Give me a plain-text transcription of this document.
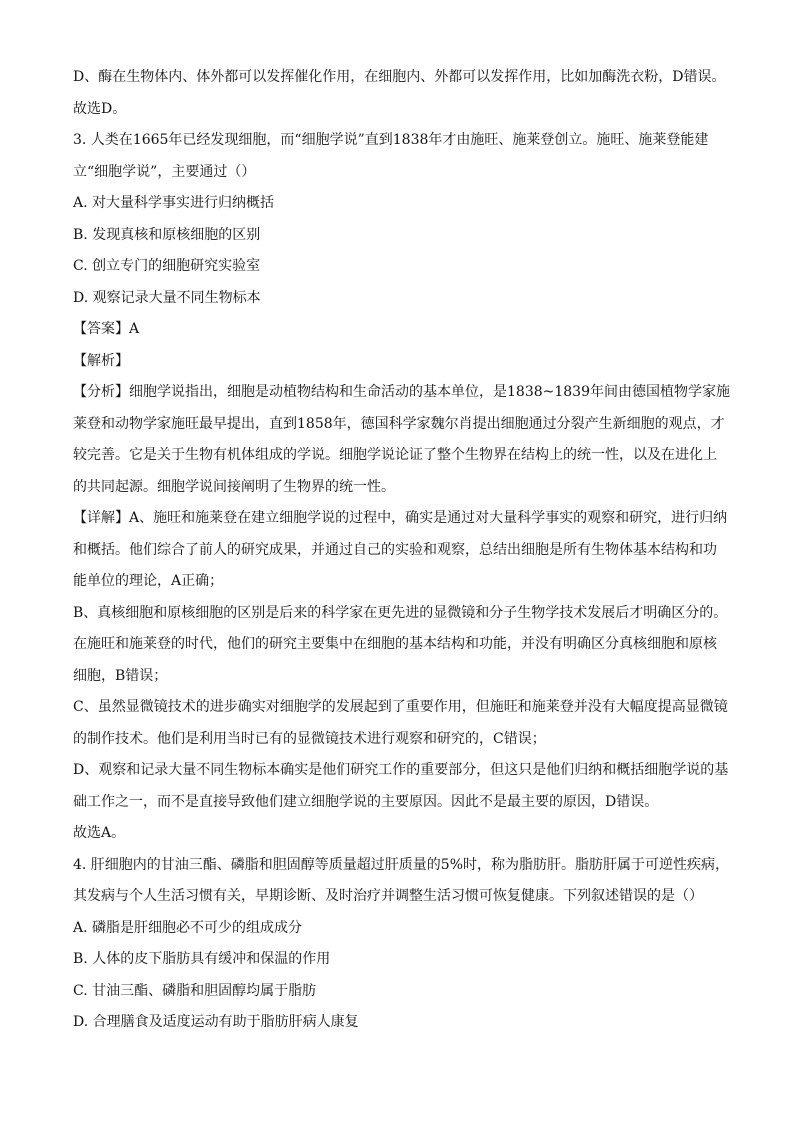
D、酶在生物体内、体外都可以发挥催化作用，在细胞内、外都可以发挥作用，比如加酶洗衣粉，D错误。
故选D。
3. 人类在1665年已经发现细胞，而“细胞学说”直到1838年才由施旺、施莱登创立。施旺、施莱登能建
立“细胞学说”，主要通过（）
A. 对大量科学事实进行归纳概括
B. 发现真核和原核细胞的区别
C. 创立专门的细胞研究实验室
D. 观察记录大量不同生物标本
【答案】A
【解析】
【分析】细胞学说指出，细胞是动植物结构和生命活动的基本单位，是1838~1839年间由德国植物学家施
莱登和动物学家施旺最早提出，直到1858年，德国科学家魏尔肖提出细胞通过分裂产生新细胞的观点，才
较完善。它是关于生物有机体组成的学说。细胞学说论证了整个生物界在结构上的统一性，以及在进化上
的共同起源。细胞学说间接阐明了生物界的统一性。
【详解】A、施旺和施莱登在建立细胞学说的过程中，确实是通过对大量科学事实的观察和研究，进行归纳
和概括。他们综合了前人的研究成果，并通过自己的实验和观察，总结出细胞是所有生物体基本结构和功
能单位的理论，A正确；
B、真核细胞和原核细胞的区别是后来的科学家在更先进的显微镜和分子生物学技术发展后才明确区分的。
在施旺和施莱登的时代，他们的研究主要集中在细胞的基本结构和功能，并没有明确区分真核细胞和原核
细胞，B错误；
C、虽然显微镜技术的进步确实对细胞学的发展起到了重要作用，但施旺和施莱登并没有大幅度提高显微镜
的制作技术。他们是利用当时已有的显微镜技术进行观察和研究的，C错误；
D、观察和记录大量不同生物标本确实是他们研究工作的重要部分，但这只是他们归纳和概括细胞学说的基
础工作之一，而不是直接导致他们建立细胞学说的主要原因。因此不是最主要的原因，D错误。
故选A。
4. 肝细胞内的甘油三酯、磷脂和胆固醇等质量超过肝质量的5%时，称为脂肪肝。脂肪肝属于可逆性疾病，
其发病与个人生活习惯有关，早期诊断、及时治疗并调整生活习惯可恢复健康。下列叙述错误的是（）
A. 磷脂是肝细胞必不可少的组成成分
B. 人体的皮下脂肪具有缓冲和保温的作用
C. 甘油三酯、磷脂和胆固醇均属于脂肪
D. 合理膳食及适度运动有助于脂肪肝病人康复
